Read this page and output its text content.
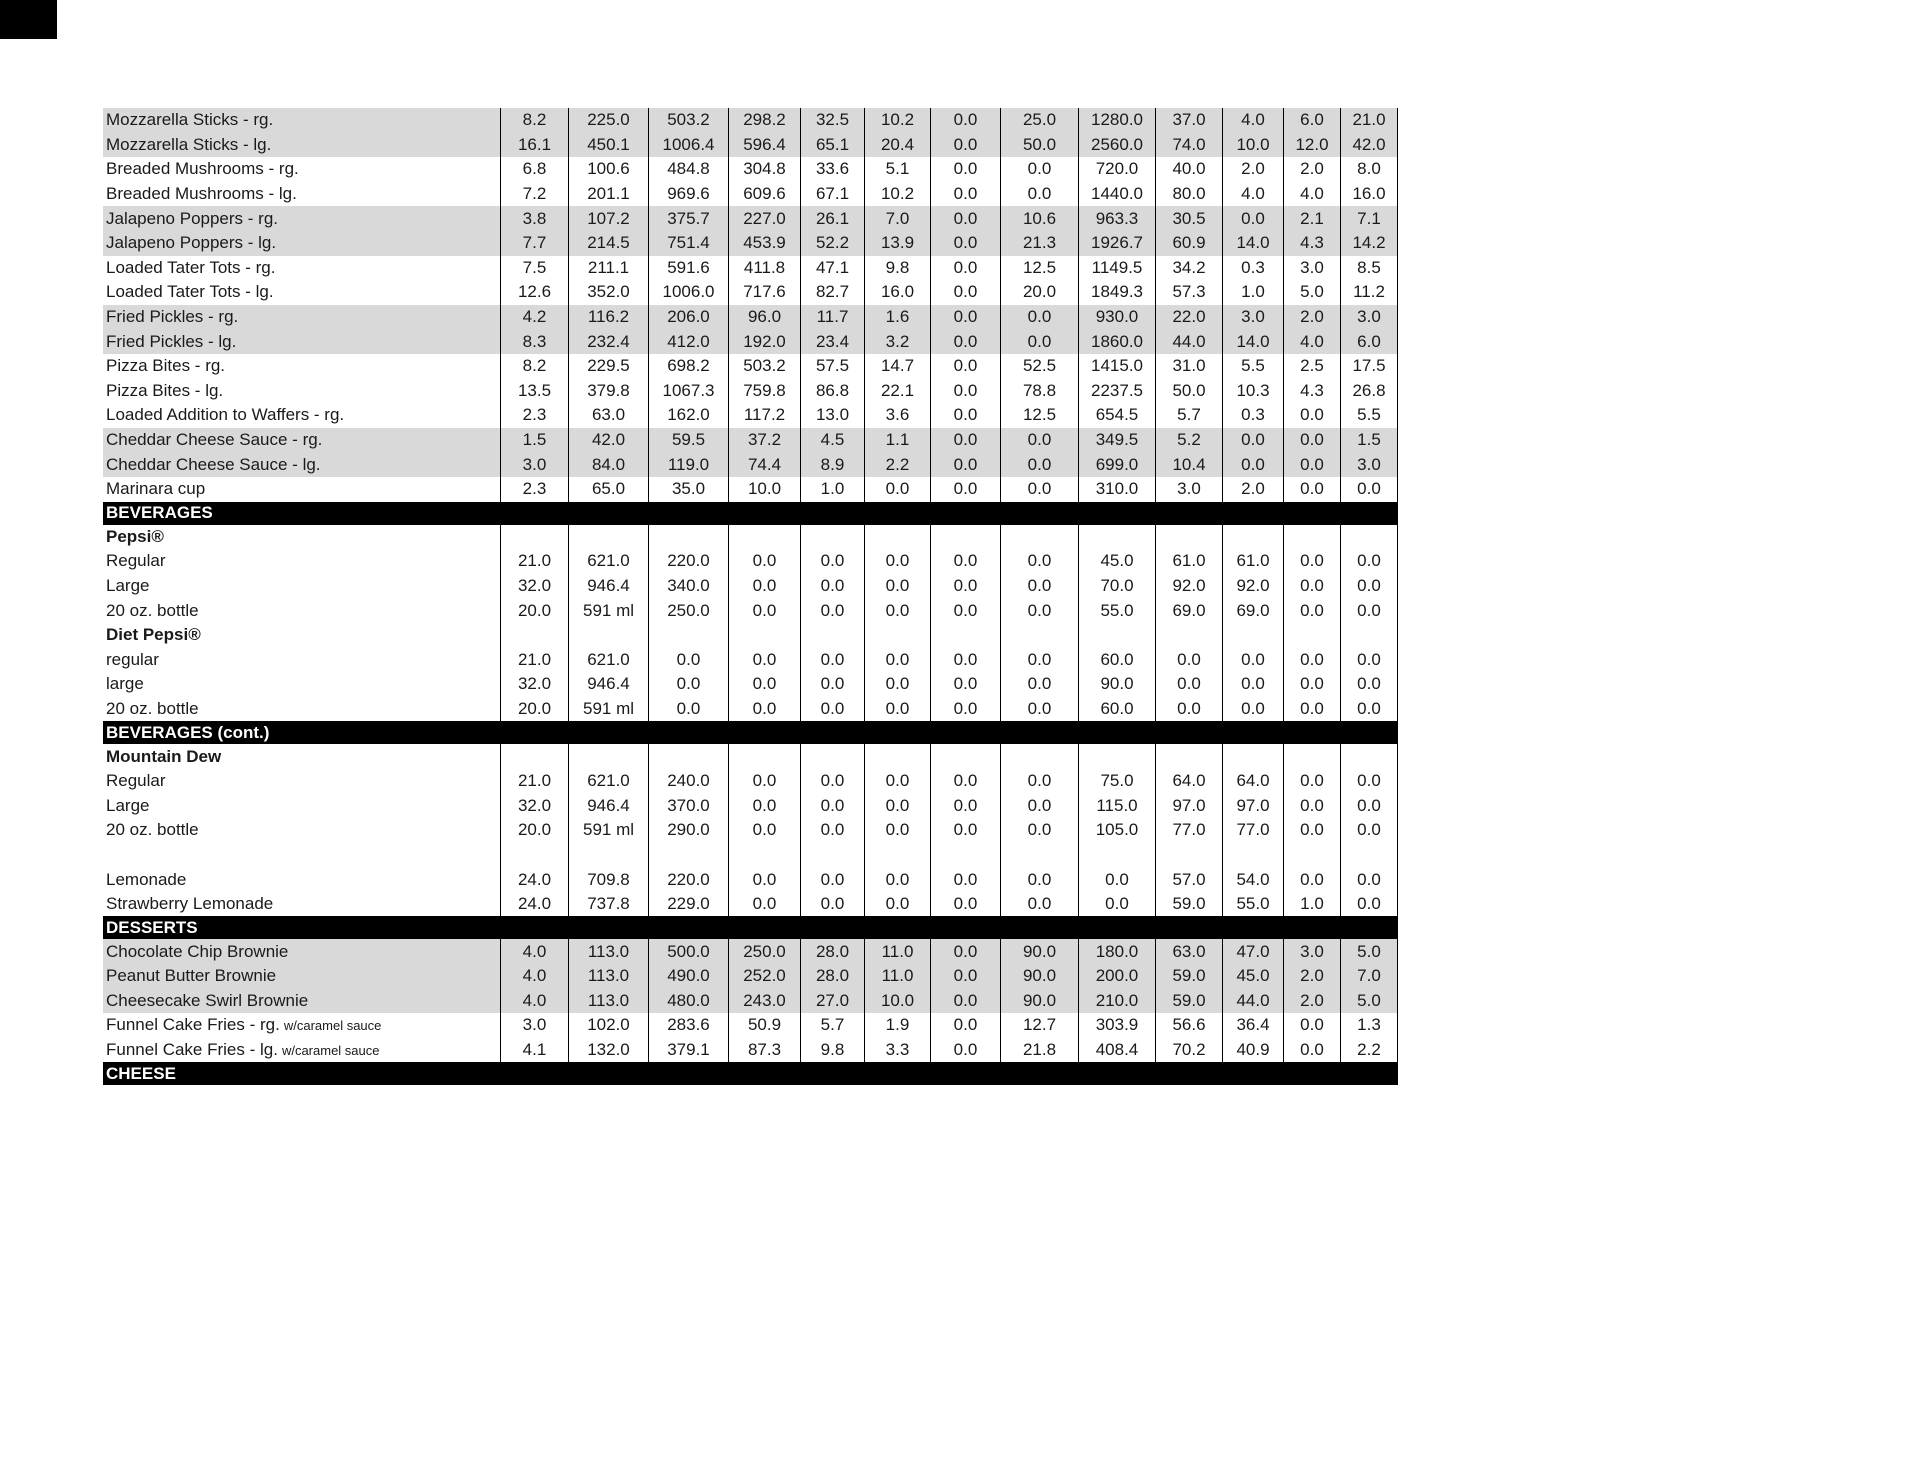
Mozzarella Sticks - rg.	8.2	225.0	503.2	298.2	32.5	10.2	0.0	25.0	1280.0	37.0	4.0	6.0	21.0
Mozzarella Sticks - lg.	16.1	450.1	1006.4	596.4	65.1	20.4	0.0	50.0	2560.0	74.0	10.0	12.0	42.0
Breaded Mushrooms - rg.	6.8	100.6	484.8	304.8	33.6	5.1	0.0	0.0	720.0	40.0	2.0	2.0	8.0
Breaded Mushrooms - lg.	7.2	201.1	969.6	609.6	67.1	10.2	0.0	0.0	1440.0	80.0	4.0	4.0	16.0
Jalapeno Poppers - rg.	3.8	107.2	375.7	227.0	26.1	7.0	0.0	10.6	963.3	30.5	0.0	2.1	7.1
Jalapeno Poppers - lg.	7.7	214.5	751.4	453.9	52.2	13.9	0.0	21.3	1926.7	60.9	14.0	4.3	14.2
Loaded Tater Tots - rg.	7.5	211.1	591.6	411.8	47.1	9.8	0.0	12.5	1149.5	34.2	0.3	3.0	8.5
Loaded Tater Tots - lg.	12.6	352.0	1006.0	717.6	82.7	16.0	0.0	20.0	1849.3	57.3	1.0	5.0	11.2
Fried Pickles - rg.	4.2	116.2	206.0	96.0	11.7	1.6	0.0	0.0	930.0	22.0	3.0	2.0	3.0
Fried Pickles - lg.	8.3	232.4	412.0	192.0	23.4	3.2	0.0	0.0	1860.0	44.0	14.0	4.0	6.0
Pizza Bites - rg.	8.2	229.5	698.2	503.2	57.5	14.7	0.0	52.5	1415.0	31.0	5.5	2.5	17.5
Pizza Bites - lg.	13.5	379.8	1067.3	759.8	86.8	22.1	0.0	78.8	2237.5	50.0	10.3	4.3	26.8
Loaded Addition to Waffers - rg.	2.3	63.0	162.0	117.2	13.0	3.6	0.0	12.5	654.5	5.7	0.3	0.0	5.5
Cheddar Cheese Sauce - rg.	1.5	42.0	59.5	37.2	4.5	1.1	0.0	0.0	349.5	5.2	0.0	0.0	1.5
Cheddar Cheese Sauce - lg.	3.0	84.0	119.0	74.4	8.9	2.2	0.0	0.0	699.0	10.4	0.0	0.0	3.0
Marinara cup	2.3	65.0	35.0	10.0	1.0	0.0	0.0	0.0	310.0	3.0	2.0	0.0	0.0
BEVERAGES
Pepsi®
Regular	21.0	621.0	220.0	0.0	0.0	0.0	0.0	0.0	45.0	61.0	61.0	0.0	0.0
Large	32.0	946.4	340.0	0.0	0.0	0.0	0.0	0.0	70.0	92.0	92.0	0.0	0.0
20 oz. bottle	20.0	591 ml	250.0	0.0	0.0	0.0	0.0	0.0	55.0	69.0	69.0	0.0	0.0
Diet Pepsi®
regular	21.0	621.0	0.0	0.0	0.0	0.0	0.0	0.0	60.0	0.0	0.0	0.0	0.0
large	32.0	946.4	0.0	0.0	0.0	0.0	0.0	0.0	90.0	0.0	0.0	0.0	0.0
20 oz. bottle	20.0	591 ml	0.0	0.0	0.0	0.0	0.0	0.0	60.0	0.0	0.0	0.0	0.0
BEVERAGES (cont.)
Mountain Dew
Regular	21.0	621.0	240.0	0.0	0.0	0.0	0.0	0.0	75.0	64.0	64.0	0.0	0.0
Large	32.0	946.4	370.0	0.0	0.0	0.0	0.0	0.0	115.0	97.0	97.0	0.0	0.0
20 oz. bottle	20.0	591 ml	290.0	0.0	0.0	0.0	0.0	0.0	105.0	77.0	77.0	0.0	0.0
Lemonade	24.0	709.8	220.0	0.0	0.0	0.0	0.0	0.0	0.0	57.0	54.0	0.0	0.0
Strawberry Lemonade	24.0	737.8	229.0	0.0	0.0	0.0	0.0	0.0	0.0	59.0	55.0	1.0	0.0
DESSERTS
Chocolate Chip Brownie	4.0	113.0	500.0	250.0	28.0	11.0	0.0	90.0	180.0	63.0	47.0	3.0	5.0
Peanut Butter Brownie	4.0	113.0	490.0	252.0	28.0	11.0	0.0	90.0	200.0	59.0	45.0	2.0	7.0
Cheesecake Swirl Brownie	4.0	113.0	480.0	243.0	27.0	10.0	0.0	90.0	210.0	59.0	44.0	2.0	5.0
Funnel Cake Fries - rg. w/caramel sauce	3.0	102.0	283.6	50.9	5.7	1.9	0.0	12.7	303.9	56.6	36.4	0.0	1.3
Funnel Cake Fries - lg. w/caramel sauce	4.1	132.0	379.1	87.3	9.8	3.3	0.0	21.8	408.4	70.2	40.9	0.0	2.2
CHEESE
